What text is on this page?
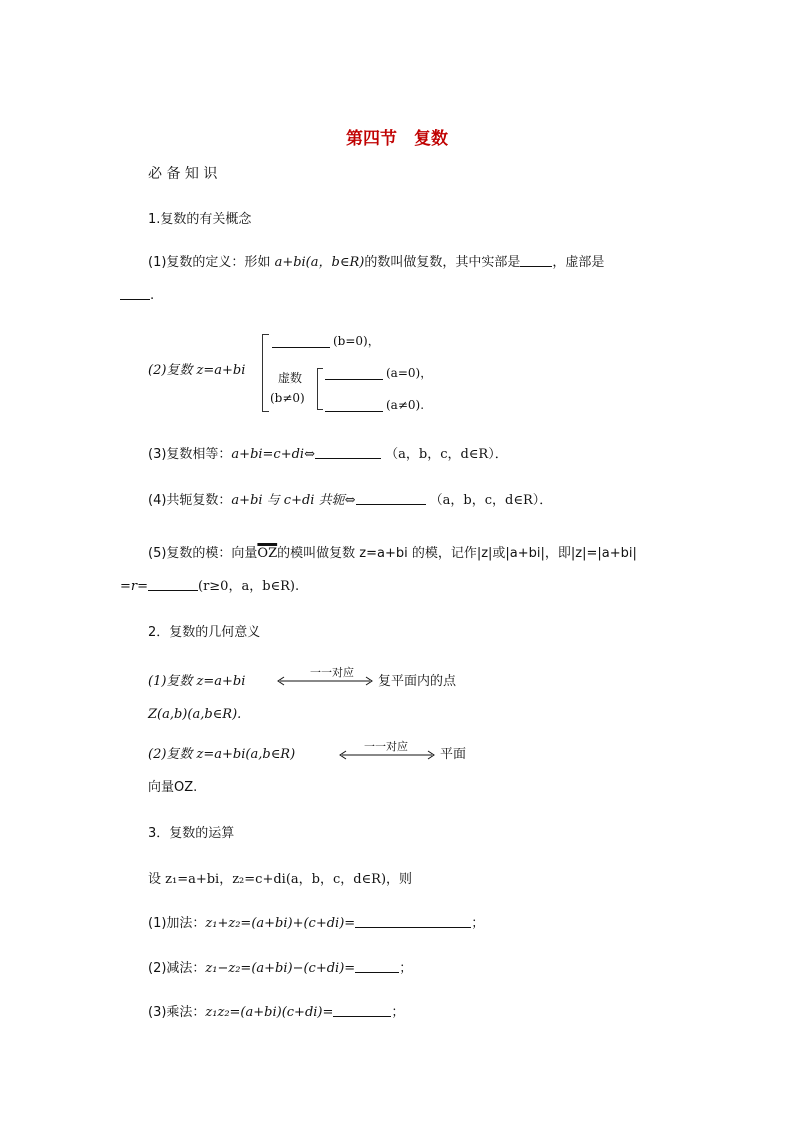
第四节　复数
必 备 知 识
1.复数的有关概念
(1)复数的定义：形如 a+bi(a，b∈R)的数叫做复数，其中实部是 ，虚部是
.
(2)复数 z=a+bi
(b=0)，
虚数
(b≠0)
(a=0)，
(a≠0).
(3)复数相等：a+bi=c+di⇔	（a，b，c，d∈R）．
(4)共轭复数：a+bi 与 c+di 共轭⇔	（a，b，c，d∈R）．
(5)复数的模：向量$\overline{OZ}$的模叫做复数 z=a+bi 的模，记作|z|或|a+bi|，即|z|=|a+bi|
=r=	(r≥0，a，b∈R).
2．复数的几何意义
(1)复数 z=a+bi
一一对应
复平面内的点
Z(a,b)(a,b∈R).
(2)复数 z=a+bi(a,b∈R)
一一对应
平面
向量OZ.
3．复数的运算
设 z₁=a+bi，z₂=c+di(a，b，c，d∈R)，则
(1)加法：z₁+z₂=(a+bi)+(c+di)=	；
(2)减法：z₁−z₂=(a+bi)−(c+di)=	；
(3)乘法：z₁z₂=(a+bi)(c+di)=	；
